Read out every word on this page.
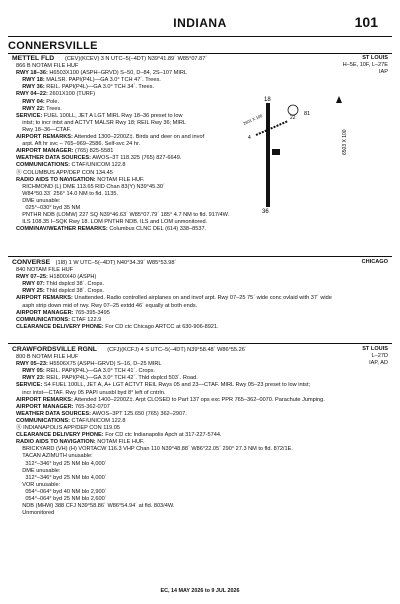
INDIANA	101
CONNERSVILLE
METTEL FLD (CEV)(KCEV) 3 N UTC–5(–4DT) N39°41.89´ W85°07.87´	ST LOUIS
H–5E, 10F, L–27E
IAP
866 B NOTAM FILE HUF
RWY 18–36: H6503X100 (ASPH–GRVD) S–50, D–84, 2S–107 MIRL
RWY 18: MALSR. PAPI(P4L)—GA 3.0° TCH 47´. Trees.
RWY 36: REIL. PAPI(P4L)—GA 3.0° TCH 34´. Trees.
RWY 04–22: 2601X100 (TURF)
RWY 04: Pole.
RWY 22: Trees.
SERVICE: FUEL 100LL, JET A LGT MIRL Rwy 18–36 preset to low
intst; to incr intst and ACTVT MALSR Rwy 18; REIL Rwy 36; MIRL
Rwy 18–36—CTAF.
AIRPORT REMARKS: Attended 1300–2200Z‡. Birds and deer on and invof
arpt. Aft hr svc – 765–969–2586. Self-svc 24 hr.
AIRPORT MANAGER: (765) 825-5581
WEATHER DATA SOURCES: AWOS–3T 118.325 (765) 827-6649.
COMMUNICATIONS: CTAF/UNICOM 122.8
Ⓡ COLUMBUS APP/DEP CON 134.45
RADIO AIDS TO NAVIGATION: NOTAM FILE HUF.
RICHMOND (L) DME 113.65 RID Chan 83(Y) N39°45.30´
W84°50.33´ 256° 14.0 NM to fld. 1135.
DME unusable:
025°–030° byd 35 NM
PNTHR NDB (LOMW) 227 SQ N39°46.63´ W85°07.79´ 185° 4.7 NM to fld. 917/4W.
ILS 108.35 I–SQK Rwy 18. LOM PNTHR NDB. ILS and LOM unmonitored.
COMM/NAV/WEATHER REMARKS: Columbus CLNC DEL (614) 338–8537.
CONVERSE (1I8) 1 W UTC–5(–4DT) N40°34.39´ W85°53.98´	CHICAGO
840 NOTAM FILE HUF
RWY 07–25: H1800X40 (ASPH)
RWY 07: Thld dsplcd 38´. Crops.
RWY 25: Thld dsplcd 38´. Crops.
AIRPORT REMARKS: Unattended. Radio controlled airplanes on and invof arpt. Rwy 07–25 75´ wide conc ovlaid with 37´ wide
asph strip down mid of rwy. Rwy 07–25 extdd 46´ equally at both ends.
AIRPORT MANAGER: 765-395-3495
COMMUNICATIONS: CTAF 122.9
CLEARANCE DELIVERY PHONE: For CD ctc Chicago ARTCC at 630-906-8921.
CRAWFORDSVILLE RGNL (CFJ)(KCFJ) 4 S UTC–5(–4DT) N39°58.48´ W86°55.26´	ST LOUIS
L–27D
IAP, AD
800 B NOTAM FILE HUF
RWY 05–23: H5506X75 (ASPH–GRVD) S–16, D–25 MIRL
RWY 05: REIL. PAPI(P4L)—GA 3.0° TCH 41´. Crops.
RWY 23: REIL. PAPI(P4L)—GA 3.0° TCH 42´. Thld dsplcd 503´. Road.
SERVICE: S4 FUEL 100LL, JET A, A+ LGT ACTVT REIL Rwys 05 and 23—CTAF. MIRL Rwy 05–23 preset to low intst;
incr intst—CTAF. Rwy 05 PAPI unusbl byd 8° left of cntrln.
AIRPORT REMARKS: Attended 1400–2200Z‡. Arpt CLOSED to Part 137 ops exc PPR 765–362–0070. Parachute Jumping.
AIRPORT MANAGER: 765-362-0707
WEATHER DATA SOURCES: AWOS–3PT 125.650 (765) 362–2907.
COMMUNICATIONS: CTAF/UNICOM 122.8
Ⓡ INDIANAPOLIS APP/DEP CON 119.05
CLEARANCE DELIVERY PHONE: For CD ctc Indianapolis Apch at 317-227-5744.
RADIO AIDS TO NAVIGATION: NOTAM FILE HUF.
BRICKYARD (VH) (H) VORTACW 116.3 VHP Chan 110 N39°48.88´ W86°22.05´ 290° 27.3 NM to fld. 872/1E.
TACAN AZIMUTH unusable:
312°–346° byd 25 NM blo 4,000´
DME unusable:
312°–346° byd 25 NM blo 4,000´
VOR unusable:
054°–064° byd 40 NM blo 2,900´
054°–064° byd 25 NM blo 2,600´
NDB (MHW) 388 CFJ N39°58.86´ W86°54.94´ at fld. 803/4W.
Unmonitored
18
36
4
22
81
6503 X 100
2601 X 100
EC, 14 MAY 2026 to 9 JUL 2026
